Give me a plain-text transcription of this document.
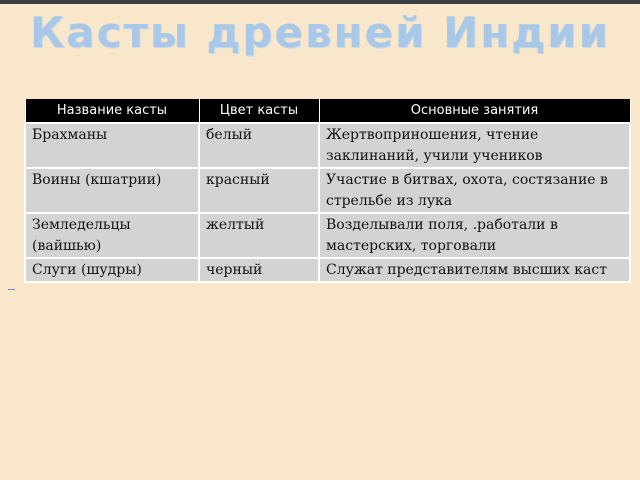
Касты древней Индии
Название касты	Цвет касты	Основные занятия
Брахманы	белый	Жертвоприношения, чтение заклинаний, учили учеников
Воины (кшатрии)	красный	Участие в битвах, охота, состязание в стрельбе из лука
Земледельцы (вайшью)	желтый	Возделывали поля, .работали в мастерских, торговали
Слуги (шудры)	черный	Служат представителям высших каст
